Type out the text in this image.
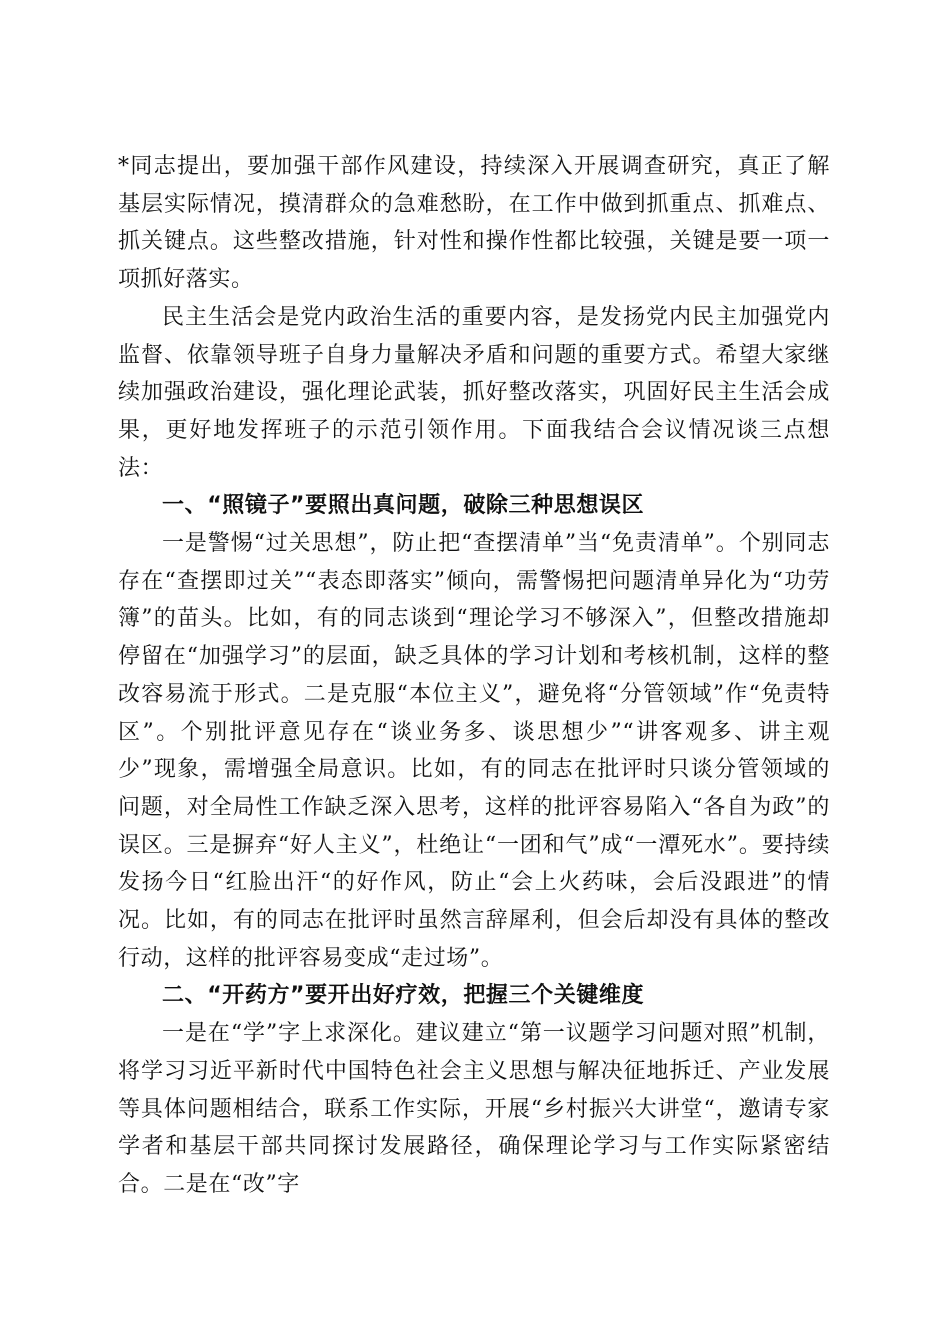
*同志提出，要加强干部作风建设，持续深入开展调查研究，真正了解基层实际情况，摸清群众的急难愁盼，在工作中做到抓重点、抓难点、抓关键点。这些整改措施，针对性和操作性都比较强，关键是要一项一项抓好落实。

民主生活会是党内政治生活的重要内容，是发扬党内民主加强党内监督、依靠领导班子自身力量解决矛盾和问题的重要方式。希望大家继续加强政治建设，强化理论武装，抓好整改落实，巩固好民主生活会成果，更好地发挥班子的示范引领作用。下面我结合会议情况谈三点想法：

一、“照镜子”要照出真问题，破除三种思想误区

一是警惕“过关思想”，防止把“查摆清单”当“免责清单”。个别同志存在“查摆即过关”“表态即落实”倾向，需警惕把问题清单异化为“功劳簿”的苗头。比如，有的同志谈到“理论学习不够深入”，但整改措施却停留在“加强学习”的层面，缺乏具体的学习计划和考核机制，这样的整改容易流于形式。二是克服“本位主义”，避免将“分管领域”作“免责特区”。个别批评意见存在“谈业务多、谈思想少”“讲客观多、讲主观少”现象，需增强全局意识。比如，有的同志在批评时只谈分管领域的问题，对全局性工作缺乏深入思考，这样的批评容易陷入“各自为政”的误区。三是摒弃“好人主义”，杜绝让“一团和气”成“一潭死水”。要持续发扬今日“红脸出汗“的好作风，防止“会上火药味，会后没跟进”的情况。比如，有的同志在批评时虽然言辞犀利，但会后却没有具体的整改行动，这样的批评容易变成“走过场”。

二、“开药方”要开出好疗效，把握三个关键维度

一是在“学”字上求深化。建议建立“第一议题学习问题对照”机制，将学习习近平新时代中国特色社会主义思想与解决征地拆迁、产业发展等具体问题相结合，联系工作实际，开展“乡村振兴大讲堂“，邀请专家学者和基层干部共同探讨发展路径，确保理论学习与工作实际紧密结合。二是在“改”字
